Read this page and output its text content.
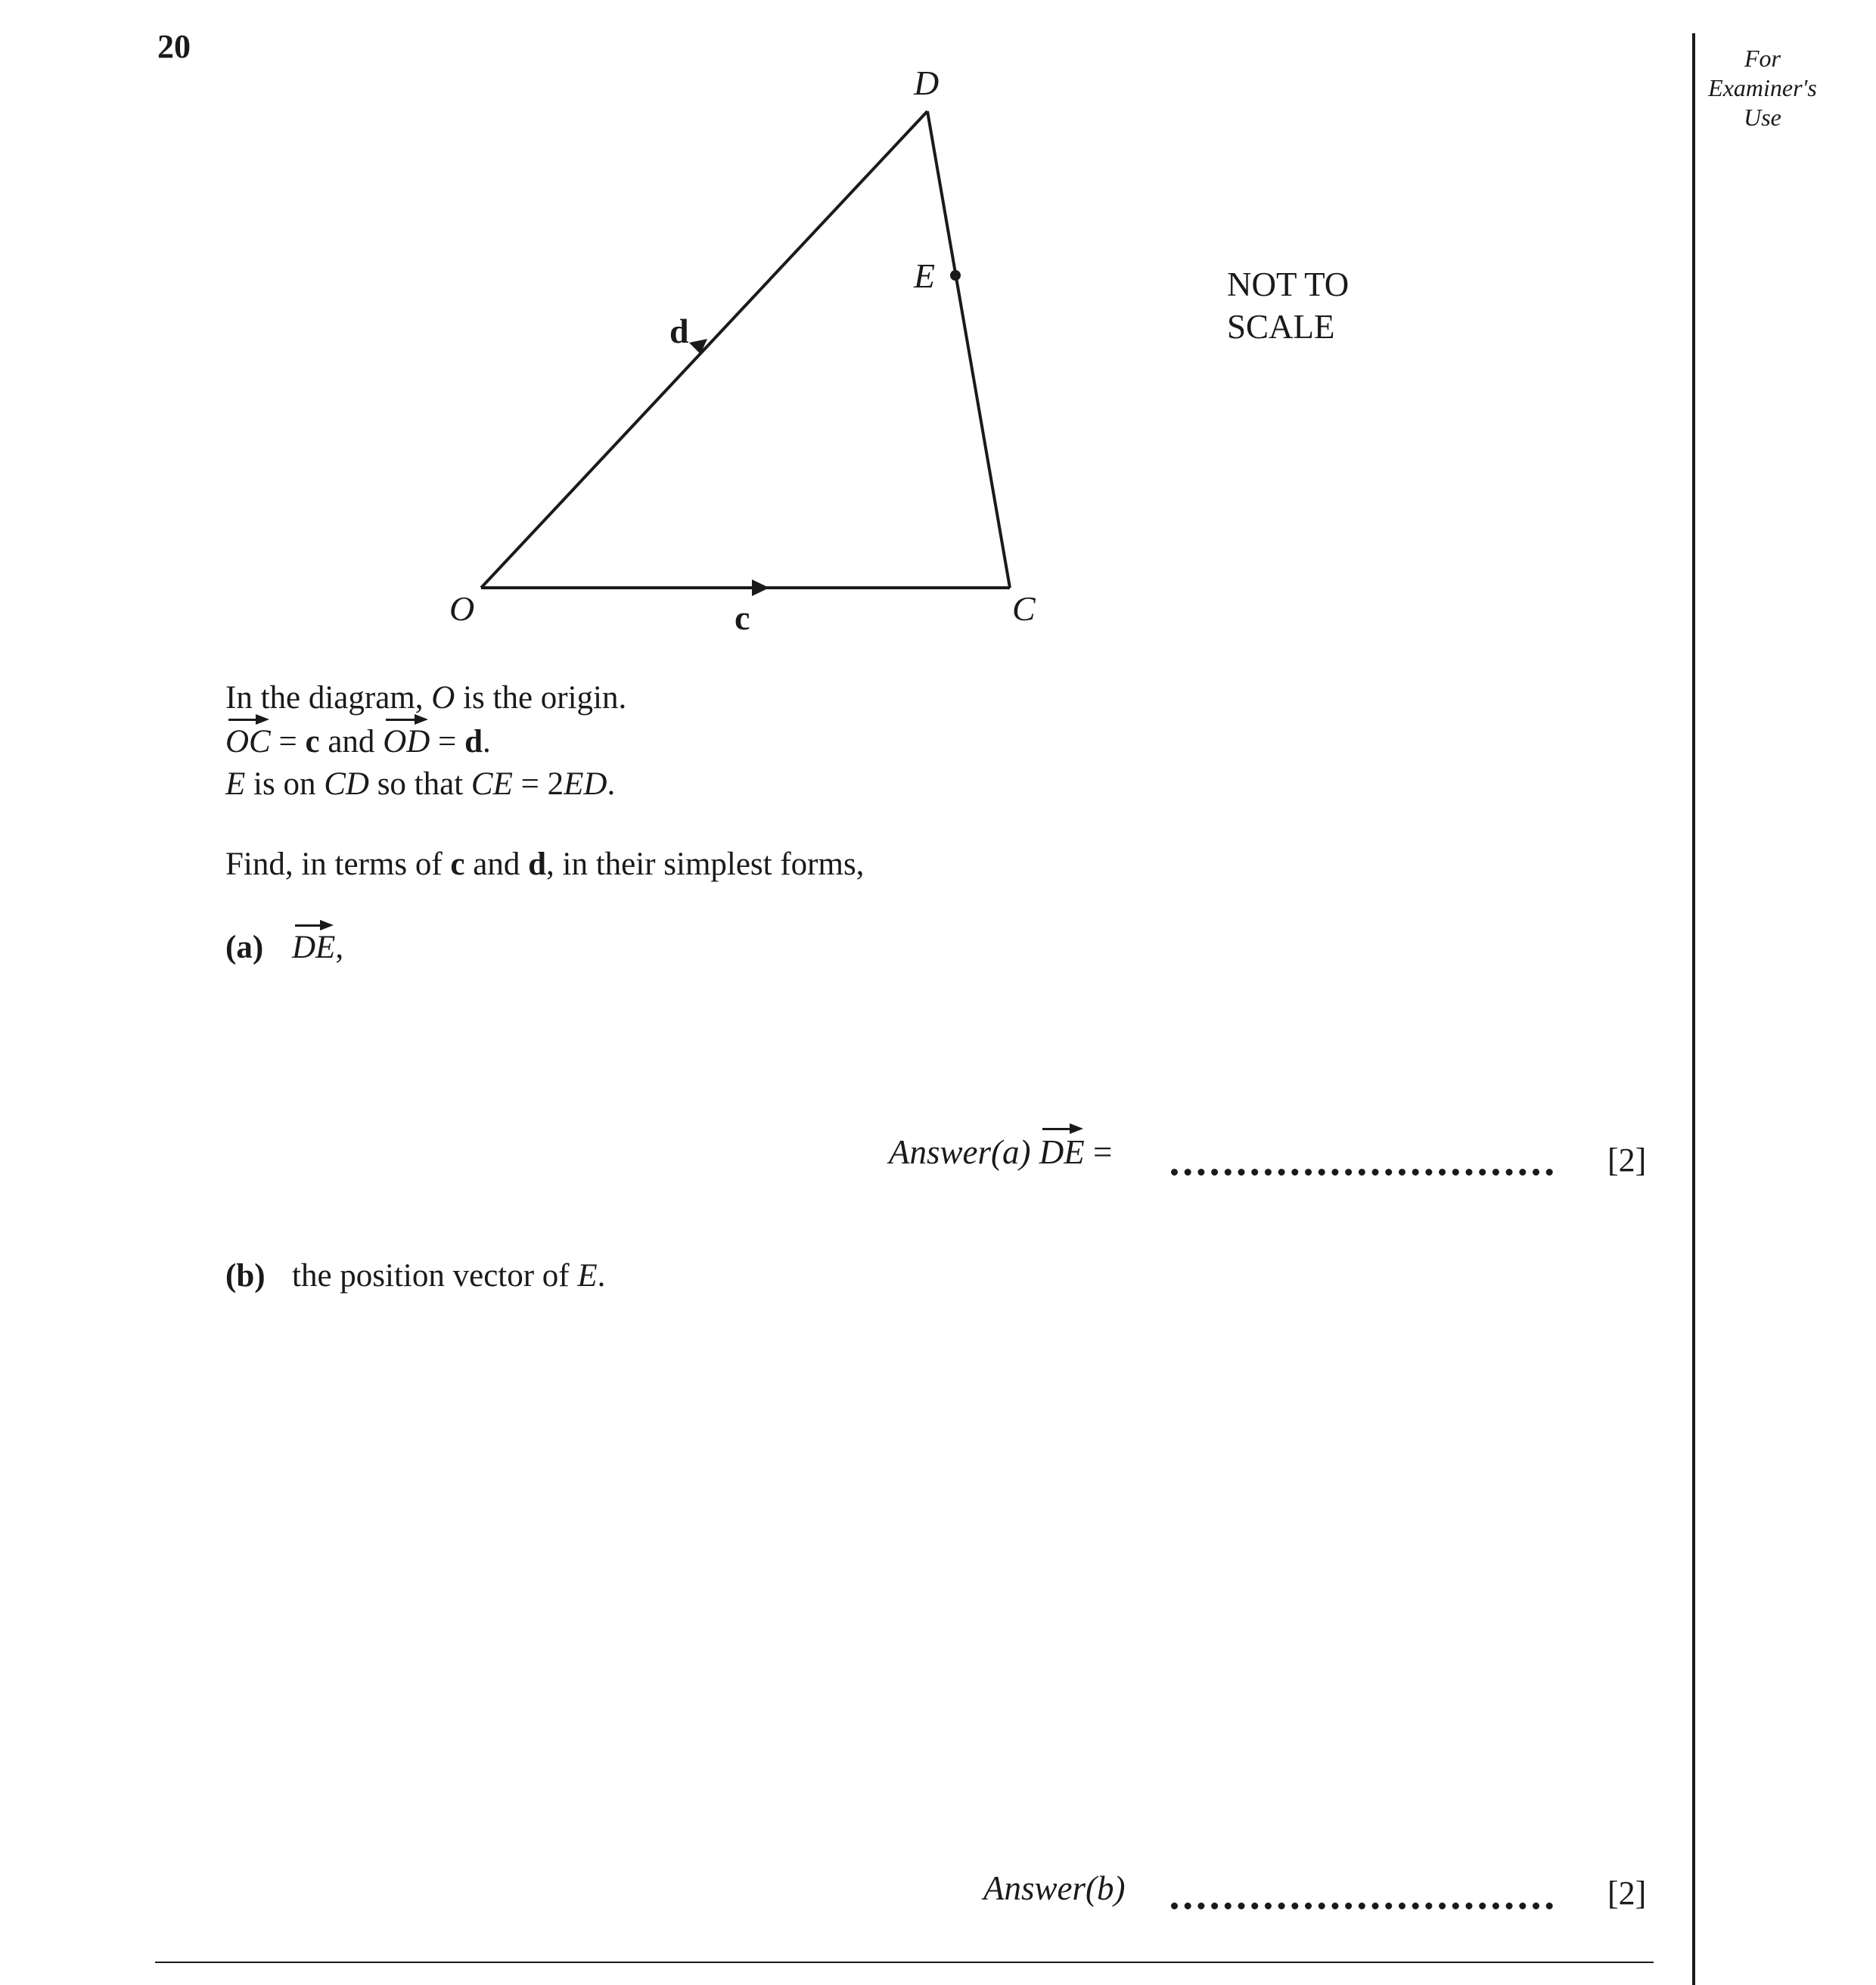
20	For
Examiner's
Use
D
E
O	C
d
c
NOT TO
SCALE
In the diagram, O is the origin.
OC = c and OD = d.
E is on CD so that CE = 2ED.
Find, in terms of c and d, in their simplest forms,
(a) DE,
Answer(a) DE =	[2]
(b) the position vector of E.
Answer(b)	[2]
